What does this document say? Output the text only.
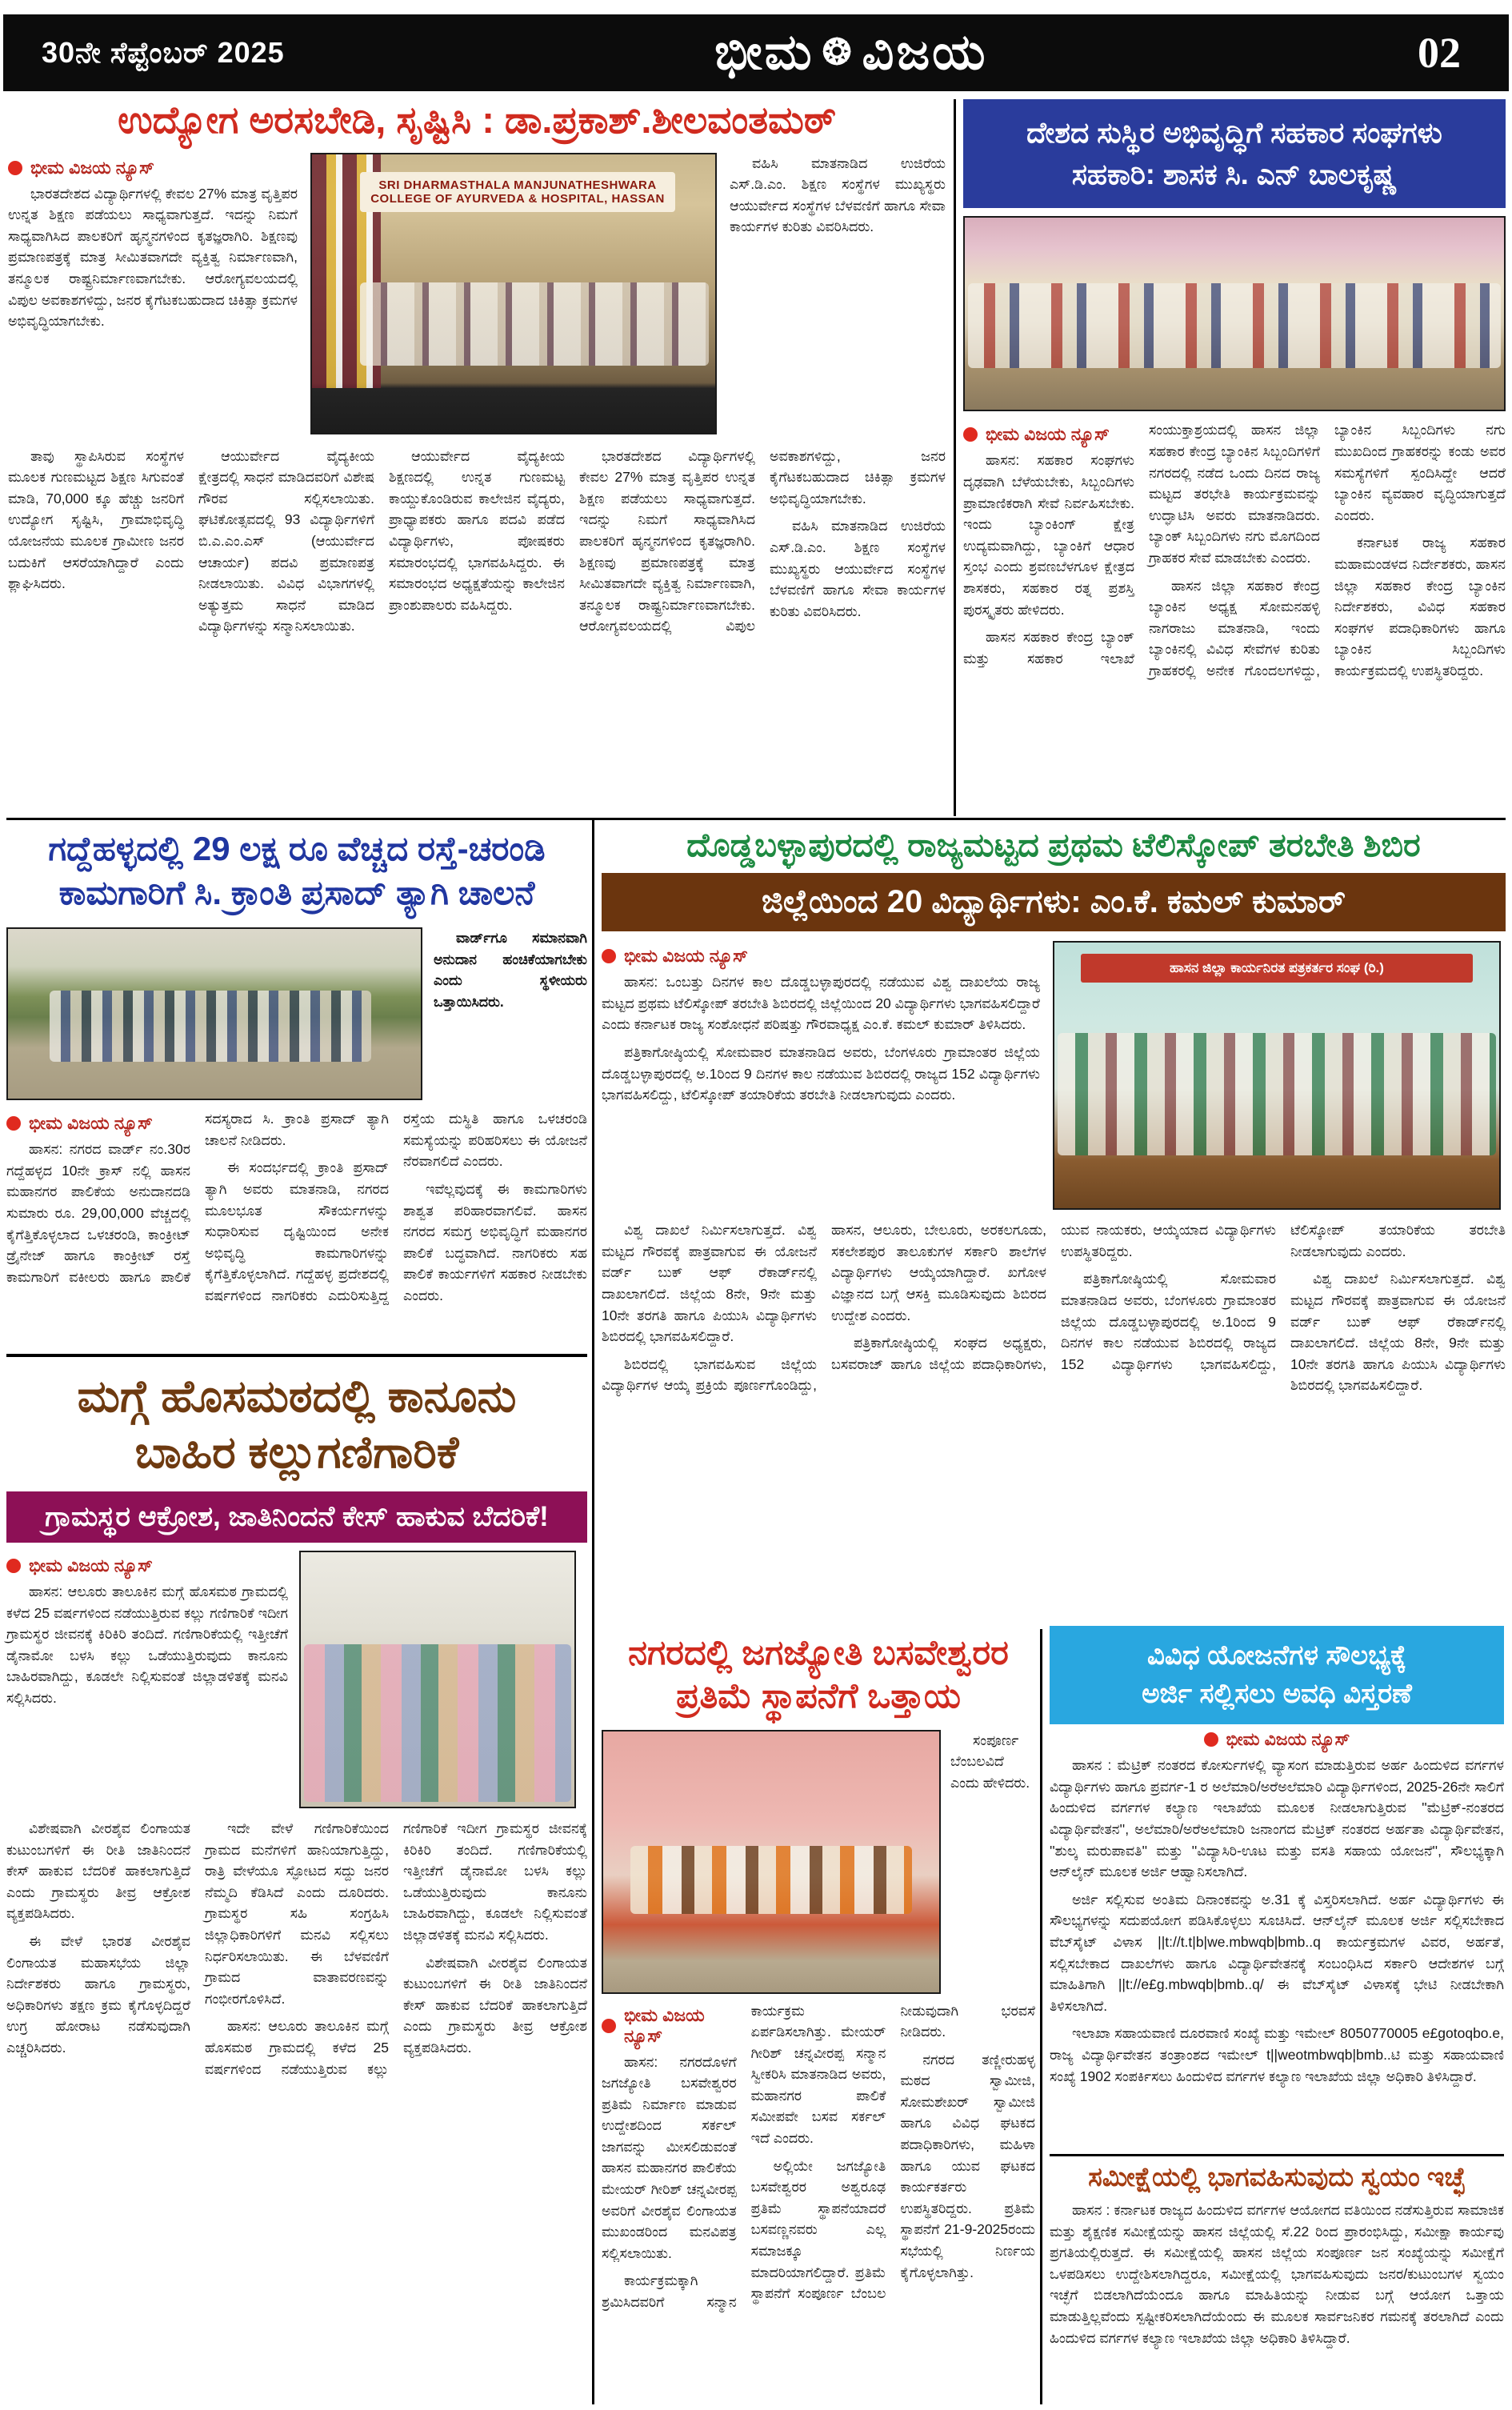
30ನೇ ಸೆಪ್ಟೆಂಬರ್ 2025	ಭೀಮ ❂ ವಿಜಯ	02
ಉದ್ಯೋಗ ಅರಸಬೇಡಿ, ಸೃಷ್ಟಿಸಿ : ಡಾ.ಪ್ರಕಾಶ್.ಶೀಲವಂತಮಠ್
ಭೀಮ ವಿಜಯ ನ್ಯೂಸ್

ಭಾರತದೇಶದ ವಿದ್ಯಾರ್ಥಿಗಳಲ್ಲಿ ಕೇವಲ 27% ಮಾತ್ರ ವೃತ್ತಿಪರ ಉನ್ನತ ಶಿಕ್ಷಣ ಪಡೆಯಲು ಸಾಧ್ಯವಾಗುತ್ತದೆ. ಇದನ್ನು ನಿಮಗೆ ಸಾಧ್ಯವಾಗಿಸಿದ ಪಾಲಕರಿಗೆ ಹೃನ್ಮನಗಳಿಂದ ಕೃತಜ್ಞರಾಗಿರಿ. ಶಿಕ್ಷಣವು ಪ್ರಮಾಣಪತ್ರಕ್ಕೆ ಮಾತ್ರ ಸೀಮಿತವಾಗದೇ ವ್ಯಕ್ತಿತ್ವ ನಿರ್ಮಾಣವಾಗಿ, ತನ್ಮೂಲಕ ರಾಷ್ಟ್ರನಿರ್ಮಾಣವಾಗಬೇಕು. ಆರೋಗ್ಯವಲಯದಲ್ಲಿ ವಿಪುಲ ಅವಕಾಶಗಳಿದ್ದು, ಜನರ ಕೈಗೆಟಕಬಹುದಾದ ಚಿಕಿತ್ಸಾ ಕ್ರಮಗಳ ಅಭಿವೃದ್ಧಿಯಾಗಬೇಕು.

SRI DHARMASTHALA MANJUNATHESHWARA
COLLEGE OF AYURVEDA & HOSPITAL, HASSAN

ವಹಿಸಿ ಮಾತನಾಡಿದ ಉಜಿರೆಯ ಎಸ್.ಡಿ.ಎಂ. ಶಿಕ್ಷಣ ಸಂಸ್ಥೆಗಳ ಮುಖ್ಯಸ್ಥರು ಆಯುರ್ವೇದ ಸಂಸ್ಥೆಗಳ ಬೆಳವಣಿಗೆ ಹಾಗೂ ಸೇವಾ ಕಾರ್ಯಗಳ ಕುರಿತು ವಿವರಿಸಿದರು.

ತಾವು ಸ್ಥಾಪಿಸಿರುವ ಸಂಸ್ಥೆಗಳ ಮೂಲಕ ಗುಣಮಟ್ಟದ ಶಿಕ್ಷಣ ಸಿಗುವಂತೆ ಮಾಡಿ, 70,000 ಕ್ಕೂ ಹೆಚ್ಚು ಜನರಿಗೆ ಉದ್ಯೋಗ ಸೃಷ್ಟಿಸಿ, ಗ್ರಾಮಾಭಿವೃದ್ಧಿ ಯೋಜನೆಯ ಮೂಲಕ ಗ್ರಾಮೀಣ ಜನರ ಬದುಕಿಗೆ ಆಸರೆಯಾಗಿದ್ದಾರೆ ಎಂದು ಶ್ಲಾಘಿಸಿದರು.

ಆಯುರ್ವೇದ ವೈದ್ಯಕೀಯ ಕ್ಷೇತ್ರದಲ್ಲಿ ಸಾಧನೆ ಮಾಡಿದವರಿಗೆ ವಿಶೇಷ ಗೌರವ ಸಲ್ಲಿಸಲಾಯಿತು. ಘಟಿಕೋತ್ಸವದಲ್ಲಿ 93 ವಿದ್ಯಾರ್ಥಿಗಳಿಗೆ ಬಿ.ಎ.ಎಂ.ಎಸ್ (ಆಯುರ್ವೇದ ಆಚಾರ್ಯ) ಪದವಿ ಪ್ರಮಾಣಪತ್ರ ನೀಡಲಾಯಿತು. ವಿವಿಧ ವಿಭಾಗಗಳಲ್ಲಿ ಅತ್ಯುತ್ತಮ ಸಾಧನೆ ಮಾಡಿದ ವಿದ್ಯಾರ್ಥಿಗಳನ್ನು ಸನ್ಮಾನಿಸಲಾಯಿತು.

ಆಯುರ್ವೇದ ವೈದ್ಯಕೀಯ ಶಿಕ್ಷಣದಲ್ಲಿ ಉನ್ನತ ಗುಣಮಟ್ಟ ಕಾಯ್ದುಕೊಂಡಿರುವ ಕಾಲೇಜಿನ ವೈದ್ಯರು, ಪ್ರಾಧ್ಯಾಪಕರು ಹಾಗೂ ಪದವಿ ಪಡೆದ ವಿದ್ಯಾರ್ಥಿಗಳು, ಪೋಷಕರು ಸಮಾರಂಭದಲ್ಲಿ ಭಾಗವಹಿಸಿದ್ದರು. ಈ ಸಮಾರಂಭದ ಅಧ್ಯಕ್ಷತೆಯನ್ನು ಕಾಲೇಜಿನ ಪ್ರಾಂಶುಪಾಲರು ವಹಿಸಿದ್ದರು.

ಭಾರತದೇಶದ ವಿದ್ಯಾರ್ಥಿಗಳಲ್ಲಿ ಕೇವಲ 27% ಮಾತ್ರ ವೃತ್ತಿಪರ ಉನ್ನತ ಶಿಕ್ಷಣ ಪಡೆಯಲು ಸಾಧ್ಯವಾಗುತ್ತದೆ. ಇದನ್ನು ನಿಮಗೆ ಸಾಧ್ಯವಾಗಿಸಿದ ಪಾಲಕರಿಗೆ ಹೃನ್ಮನಗಳಿಂದ ಕೃತಜ್ಞರಾಗಿರಿ. ಶಿಕ್ಷಣವು ಪ್ರಮಾಣಪತ್ರಕ್ಕೆ ಮಾತ್ರ ಸೀಮಿತವಾಗದೇ ವ್ಯಕ್ತಿತ್ವ ನಿರ್ಮಾಣವಾಗಿ, ತನ್ಮೂಲಕ ರಾಷ್ಟ್ರನಿರ್ಮಾಣವಾಗಬೇಕು. ಆರೋಗ್ಯವಲಯದಲ್ಲಿ ವಿಪುಲ ಅವಕಾಶಗಳಿದ್ದು, ಜನರ ಕೈಗೆಟಕಬಹುದಾದ ಚಿಕಿತ್ಸಾ ಕ್ರಮಗಳ ಅಭಿವೃದ್ಧಿಯಾಗಬೇಕು.

ವಹಿಸಿ ಮಾತನಾಡಿದ ಉಜಿರೆಯ ಎಸ್.ಡಿ.ಎಂ. ಶಿಕ್ಷಣ ಸಂಸ್ಥೆಗಳ ಮುಖ್ಯಸ್ಥರು ಆಯುರ್ವೇದ ಸಂಸ್ಥೆಗಳ ಬೆಳವಣಿಗೆ ಹಾಗೂ ಸೇವಾ ಕಾರ್ಯಗಳ ಕುರಿತು ವಿವರಿಸಿದರು.

ದೇಶದ ಸುಸ್ಥಿರ ಅಭಿವೃದ್ಧಿಗೆ ಸಹಕಾರ ಸಂಘಗಳು
ಸಹಕಾರಿ: ಶಾಸಕ ಸಿ. ಎನ್ ಬಾಲಕೃಷ್ಣ
ಭೀಮ ವಿಜಯ ನ್ಯೂಸ್

ಹಾಸನ: ಸಹಕಾರ ಸಂಘಗಳು ದೃಢವಾಗಿ ಬೆಳೆಯಬೇಕು, ಸಿಬ್ಬಂದಿಗಳು ಪ್ರಾಮಾಣಿಕರಾಗಿ ಸೇವೆ ನಿರ್ವಹಿಸಬೇಕು. ಇಂದು ಬ್ಯಾಂಕಿಂಗ್ ಕ್ಷೇತ್ರ ಉದ್ಯಮವಾಗಿದ್ದು, ಬ್ಯಾಂಕಿಗೆ ಆಧಾರ ಸ್ತಂಭ ಎಂದು ಶ್ರವಣಬೆಳಗೂಳ ಕ್ಷೇತ್ರದ ಶಾಸಕರು, ಸಹಕಾರ ರತ್ನ ಪ್ರಶಸ್ತಿ ಪುರಸ್ಕೃತರು ಹೇಳಿದರು.

ಹಾಸನ ಸಹಕಾರ ಕೇಂದ್ರ ಬ್ಯಾಂಕ್ ಮತ್ತು ಸಹಕಾರ ಇಲಾಖೆ ಸಂಯುಕ್ತಾಶ್ರಯದಲ್ಲಿ ಹಾಸನ ಜಿಲ್ಲಾ ಸಹಕಾರ ಕೇಂದ್ರ ಬ್ಯಾಂಕಿನ ಸಿಬ್ಬಂದಿಗಳಿಗೆ ನಗರದಲ್ಲಿ ನಡೆದ ಒಂದು ದಿನದ ರಾಜ್ಯ ಮಟ್ಟದ ತರಭೇತಿ ಕಾರ್ಯಕ್ರಮವನ್ನು ಉದ್ಘಾಟಿಸಿ ಅವರು ಮಾತನಾಡಿದರು. ಬ್ಯಾಂಕ್ ಸಿಬ್ಬಂದಿಗಳು ನಗು ಮೊಗದಿಂದ ಗ್ರಾಹಕರ ಸೇವೆ ಮಾಡಬೇಕು ಎಂದರು.

ಹಾಸನ ಜಿಲ್ಲಾ ಸಹಕಾರ ಕೇಂದ್ರ ಬ್ಯಾಂಕಿನ ಅಧ್ಯಕ್ಷ ಸೋಮನಹಳ್ಳಿ ನಾಗರಾಜು ಮಾತನಾಡಿ, ಇಂದು ಬ್ಯಾಂಕಿನಲ್ಲಿ ವಿವಿಧ ಸೇವೆಗಳ ಕುರಿತು ಗ್ರಾಹಕರಲ್ಲಿ ಅನೇಕ ಗೊಂದಲಗಳಿದ್ದು, ಬ್ಯಾಂಕಿನ ಸಿಬ್ಬಂದಿಗಳು ನಗು ಮುಖದಿಂದ ಗ್ರಾಹಕರನ್ನು ಕಂಡು ಅವರ ಸಮಸ್ಯೆಗಳಿಗೆ ಸ್ಪಂದಿಸಿದ್ದೇ ಆದರೆ ಬ್ಯಾಂಕಿನ ವ್ಯವಹಾರ ವೃದ್ಧಿಯಾಗುತ್ತದೆ ಎಂದರು.

ಕರ್ನಾಟಕ ರಾಜ್ಯ ಸಹಕಾರ ಮಹಾಮಂಡಳದ ನಿರ್ದೇಶಕರು, ಹಾಸನ ಜಿಲ್ಲಾ ಸಹಕಾರ ಕೇಂದ್ರ ಬ್ಯಾಂಕಿನ ನಿರ್ದೇಶಕರು, ವಿವಿಧ ಸಹಕಾರ ಸಂಘಗಳ ಪದಾಧಿಕಾರಿಗಳು ಹಾಗೂ ಬ್ಯಾಂಕಿನ ಸಿಬ್ಬಂದಿಗಳು ಕಾರ್ಯಕ್ರಮದಲ್ಲಿ ಉಪಸ್ಥಿತರಿದ್ದರು.

ಗದ್ದೆಹಳ್ಳದಲ್ಲಿ 29 ಲಕ್ಷ ರೂ ವೆಚ್ಚದ ರಸ್ತೆ-ಚರಂಡಿ
ಕಾಮಗಾರಿಗೆ ಸಿ. ಕ್ರಾಂತಿ ಪ್ರಸಾದ್ ತ್ಯಾಗಿ ಚಾಲನೆ

ವಾರ್ಡ್‌ಗೂ ಸಮಾನವಾಗಿ ಅನುದಾನ ಹಂಚಿಕೆಯಾಗಬೇಕು ಎಂದು ಸ್ಥಳೀಯರು ಒತ್ತಾಯಿಸಿದರು.

ಭೀಮ ವಿಜಯ ನ್ಯೂಸ್

ಹಾಸನ: ನಗರದ ವಾರ್ಡ್ ನಂ.30ರ ಗದ್ದೆಹಳ್ಳದ 10ನೇ ಕ್ರಾಸ್ ನಲ್ಲಿ ಹಾಸನ ಮಹಾನಗರ ಪಾಲಿಕೆಯ ಅನುದಾನದಡಿ ಸುಮಾರು ರೂ. 29,00,000 ವೆಚ್ಚದಲ್ಲಿ ಕೈಗೆತ್ತಿಕೊಳ್ಳಲಾದ ಒಳಚರಂಡಿ, ಕಾಂಕ್ರೀಟ್ ಡ್ರೈನೇಜ್ ಹಾಗೂ ಕಾಂಕ್ರೀಟ್ ರಸ್ತೆ ಕಾಮಗಾರಿಗೆ ವಕೀಲರು ಹಾಗೂ ಪಾಲಿಕೆ ಸದಸ್ಯರಾದ ಸಿ. ಕ್ರಾಂತಿ ಪ್ರಸಾದ್ ತ್ಯಾಗಿ ಚಾಲನೆ ನೀಡಿದರು.

ಈ ಸಂದರ್ಭದಲ್ಲಿ ಕ್ರಾಂತಿ ಪ್ರಸಾದ್ ತ್ಯಾಗಿ ಅವರು ಮಾತನಾಡಿ, ನಗರದ ಮೂಲಭೂತ ಸೌಕರ್ಯಗಳನ್ನು ಸುಧಾರಿಸುವ ದೃಷ್ಟಿಯಿಂದ ಅನೇಕ ಅಭಿವೃದ್ಧಿ ಕಾಮಗಾರಿಗಳನ್ನು ಕೈಗೆತ್ತಿಕೊಳ್ಳಲಾಗಿದೆ. ಗದ್ದೆಹಳ್ಳ ಪ್ರದೇಶದಲ್ಲಿ ವರ್ಷಗಳಿಂದ ನಾಗರಿಕರು ಎದುರಿಸುತ್ತಿದ್ದ ರಸ್ತೆಯ ದುಸ್ಥಿತಿ ಹಾಗೂ ಒಳಚರಂಡಿ ಸಮಸ್ಯೆಯನ್ನು ಪರಿಹರಿಸಲು ಈ ಯೋಜನೆ ನೆರವಾಗಲಿದೆ ಎಂದರು.

ಇವೆಲ್ಲವುದಕ್ಕೆ ಈ ಕಾಮಗಾರಿಗಳು ಶಾಶ್ವತ ಪರಿಹಾರವಾಗಲಿವೆ. ಹಾಸನ ನಗರದ ಸಮಗ್ರ ಅಭಿವೃದ್ಧಿಗೆ ಮಹಾನಗರ ಪಾಲಿಕೆ ಬದ್ಧವಾಗಿದೆ. ನಾಗರಿಕರು ಸಹ ಪಾಲಿಕೆ ಕಾರ್ಯಗಳಿಗೆ ಸಹಕಾರ ನೀಡಬೇಕು ಎಂದರು.

ಮಗ್ಗೆ ಹೊಸಮಠದಲ್ಲಿ ಕಾನೂನು
ಬಾಹಿರ ಕಲ್ಲುಗಣಿಗಾರಿಕೆ
ಗ್ರಾಮಸ್ಥರ ಆಕ್ರೋಶ, ಜಾತಿನಿಂದನೆ ಕೇಸ್ ಹಾಕುವ ಬೆದರಿಕೆ!
ಭೀಮ ವಿಜಯ ನ್ಯೂಸ್

ಹಾಸನ: ಆಲೂರು ತಾಲೂಕಿನ ಮಗ್ಗೆ ಹೊಸಮಠ ಗ್ರಾಮದಲ್ಲಿ ಕಳೆದ 25 ವರ್ಷಗಳಿಂದ ನಡೆಯುತ್ತಿರುವ ಕಲ್ಲು ಗಣಿಗಾರಿಕೆ ಇದೀಗ ಗ್ರಾಮಸ್ಥರ ಜೀವನಕ್ಕೆ ಕಿರಿಕಿರಿ ತಂದಿದೆ. ಗಣಿಗಾರಿಕೆಯಲ್ಲಿ ಇತ್ತೀಚೆಗೆ ಡೈನಾಮೋ ಬಳಸಿ ಕಲ್ಲು ಒಡೆಯುತ್ತಿರುವುದು ಕಾನೂನು ಬಾಹಿರವಾಗಿದ್ದು, ಕೂಡಲೇ ನಿಲ್ಲಿಸುವಂತೆ ಜಿಲ್ಲಾಡಳಿತಕ್ಕೆ ಮನವಿ ಸಲ್ಲಿಸಿದರು.

ವಿಶೇಷವಾಗಿ ವೀರಶೈವ ಲಿಂಗಾಯತ ಕುಟುಂಬಗಳಿಗೆ ಈ ರೀತಿ ಜಾತಿನಿಂದನೆ ಕೇಸ್ ಹಾಕುವ ಬೆದರಿಕೆ ಹಾಕಲಾಗುತ್ತಿದೆ ಎಂದು ಗ್ರಾಮಸ್ಥರು ತೀವ್ರ ಆಕ್ರೋಶ ವ್ಯಕ್ತಪಡಿಸಿದರು.

ಈ ವೇಳೆ ಭಾರತ ವೀರಶೈವ ಲಿಂಗಾಯತ ಮಹಾಸಭೆಯ ಜಿಲ್ಲಾ ನಿರ್ದೇಶಕರು ಹಾಗೂ ಗ್ರಾಮಸ್ಥರು, ಅಧಿಕಾರಿಗಳು ತಕ್ಷಣ ಕ್ರಮ ಕೈಗೊಳ್ಳದಿದ್ದರೆ ಉಗ್ರ ಹೋರಾಟ ನಡೆಸುವುದಾಗಿ ಎಚ್ಚರಿಸಿದರು.

ಇದೇ ವೇಳೆ ಗಣಿಗಾರಿಕೆಯಿಂದ ಗ್ರಾಮದ ಮನೆಗಳಿಗೆ ಹಾನಿಯಾಗುತ್ತಿದ್ದು, ರಾತ್ರಿ ವೇಳೆಯೂ ಸ್ಫೋಟದ ಸದ್ದು ಜನರ ನೆಮ್ಮದಿ ಕೆಡಿಸಿದೆ ಎಂದು ದೂರಿದರು. ಗ್ರಾಮಸ್ಥರ ಸಹಿ ಸಂಗ್ರಹಿಸಿ ಜಿಲ್ಲಾಧಿಕಾರಿಗಳಿಗೆ ಮನವಿ ಸಲ್ಲಿಸಲು ನಿರ್ಧರಿಸಲಾಯಿತು. ಈ ಬೆಳವಣಿಗೆ ಗ್ರಾಮದ ವಾತಾವರಣವನ್ನು ಗಂಭೀರಗೊಳಿಸಿದೆ.

ಹಾಸನ: ಆಲೂರು ತಾಲೂಕಿನ ಮಗ್ಗೆ ಹೊಸಮಠ ಗ್ರಾಮದಲ್ಲಿ ಕಳೆದ 25 ವರ್ಷಗಳಿಂದ ನಡೆಯುತ್ತಿರುವ ಕಲ್ಲು ಗಣಿಗಾರಿಕೆ ಇದೀಗ ಗ್ರಾಮಸ್ಥರ ಜೀವನಕ್ಕೆ ಕಿರಿಕಿರಿ ತಂದಿದೆ. ಗಣಿಗಾರಿಕೆಯಲ್ಲಿ ಇತ್ತೀಚೆಗೆ ಡೈನಾಮೋ ಬಳಸಿ ಕಲ್ಲು ಒಡೆಯುತ್ತಿರುವುದು ಕಾನೂನು ಬಾಹಿರವಾಗಿದ್ದು, ಕೂಡಲೇ ನಿಲ್ಲಿಸುವಂತೆ ಜಿಲ್ಲಾಡಳಿತಕ್ಕೆ ಮನವಿ ಸಲ್ಲಿಸಿದರು.

ವಿಶೇಷವಾಗಿ ವೀರಶೈವ ಲಿಂಗಾಯತ ಕುಟುಂಬಗಳಿಗೆ ಈ ರೀತಿ ಜಾತಿನಿಂದನೆ ಕೇಸ್ ಹಾಕುವ ಬೆದರಿಕೆ ಹಾಕಲಾಗುತ್ತಿದೆ ಎಂದು ಗ್ರಾಮಸ್ಥರು ತೀವ್ರ ಆಕ್ರೋಶ ವ್ಯಕ್ತಪಡಿಸಿದರು.

ದೊಡ್ಡಬಳ್ಳಾಪುರದಲ್ಲಿ ರಾಜ್ಯಮಟ್ಟದ ಪ್ರಥಮ ಟೆಲಿಸ್ಕೋಪ್ ತರಬೇತಿ ಶಿಬಿರ
ಜಿಲ್ಲೆಯಿಂದ 20 ವಿದ್ಯಾರ್ಥಿಗಳು: ಎಂ.ಕೆ. ಕಮಲ್ ಕುಮಾರ್
ಭೀಮ ವಿಜಯ ನ್ಯೂಸ್

ಹಾಸನ: ಒಂಬತ್ತು ದಿನಗಳ ಕಾಲ ದೊಡ್ಡಬಳ್ಳಾಪುರದಲ್ಲಿ ನಡೆಯುವ ವಿಶ್ವ ದಾಖಲೆಯ ರಾಜ್ಯ ಮಟ್ಟದ ಪ್ರಥಮ ಟೆಲಿಸ್ಕೋಪ್ ತರಬೇತಿ ಶಿಬಿರದಲ್ಲಿ ಜಿಲ್ಲೆಯಿಂದ 20 ವಿದ್ಯಾರ್ಥಿಗಳು ಭಾಗವಹಿಸಲಿದ್ದಾರೆ ಎಂದು ಕರ್ನಾಟಕ ರಾಜ್ಯ ಸಂಶೋಧನೆ ಪರಿಷತ್ತು ಗೌರವಾಧ್ಯಕ್ಷ ಎಂ.ಕೆ. ಕಮಲ್ ಕುಮಾರ್ ತಿಳಿಸಿದರು.

ಪತ್ರಿಕಾಗೋಷ್ಠಿಯಲ್ಲಿ ಸೋಮವಾರ ಮಾತನಾಡಿದ ಅವರು, ಬೆಂಗಳೂರು ಗ್ರಾಮಾಂತರ ಜಿಲ್ಲೆಯ ದೊಡ್ಡಬಳ್ಳಾಪುರದಲ್ಲಿ ಅ.1ರಿಂದ 9 ದಿನಗಳ ಕಾಲ ನಡೆಯುವ ಶಿಬಿರದಲ್ಲಿ ರಾಜ್ಯದ 152 ವಿದ್ಯಾರ್ಥಿಗಳು ಭಾಗವಹಿಸಲಿದ್ದು, ಟೆಲಿಸ್ಕೋಪ್ ತಯಾರಿಕೆಯ ತರಬೇತಿ ನೀಡಲಾಗುವುದು ಎಂದರು.

ಹಾಸನ ಜಿಲ್ಲಾ ಕಾರ್ಯನಿರತ ಪತ್ರಕರ್ತರ ಸಂಘ (ರಿ.)

ವಿಶ್ವ ದಾಖಲೆ ನಿರ್ಮಿಸಲಾಗುತ್ತದೆ. ವಿಶ್ವ ಮಟ್ಟದ ಗೌರವಕ್ಕೆ ಪಾತ್ರವಾಗುವ ಈ ಯೋಜನೆ ವರ್ಡ್ ಬುಕ್ ಆಫ್ ರೆಕಾರ್ಡ್‌ನಲ್ಲಿ ದಾಖಲಾಗಲಿದೆ. ಜಿಲ್ಲೆಯ 8ನೇ, 9ನೇ ಮತ್ತು 10ನೇ ತರಗತಿ ಹಾಗೂ ಪಿಯುಸಿ ವಿದ್ಯಾರ್ಥಿಗಳು ಶಿಬಿರದಲ್ಲಿ ಭಾಗವಹಿಸಲಿದ್ದಾರೆ.

ಶಿಬಿರದಲ್ಲಿ ಭಾಗವಹಿಸುವ ಜಿಲ್ಲೆಯ ವಿದ್ಯಾರ್ಥಿಗಳ ಆಯ್ಕೆ ಪ್ರಕ್ರಿಯೆ ಪೂರ್ಣಗೊಂಡಿದ್ದು, ಹಾಸನ, ಆಲೂರು, ಬೇಲೂರು, ಅರಕಲಗೂಡು, ಸಕಲೇಶಪುರ ತಾಲೂಕುಗಳ ಸರ್ಕಾರಿ ಶಾಲೆಗಳ ವಿದ್ಯಾರ್ಥಿಗಳು ಆಯ್ಕೆಯಾಗಿದ್ದಾರೆ. ಖಗೋಳ ವಿಜ್ಞಾನದ ಬಗ್ಗೆ ಆಸಕ್ತಿ ಮೂಡಿಸುವುದು ಶಿಬಿರದ ಉದ್ದೇಶ ಎಂದರು.

ಪತ್ರಿಕಾಗೋಷ್ಠಿಯಲ್ಲಿ ಸಂಘದ ಅಧ್ಯಕ್ಷರು, ಬಸವರಾಜ್ ಹಾಗೂ ಜಿಲ್ಲೆಯ ಪದಾಧಿಕಾರಿಗಳು, ಯುವ ನಾಯಕರು, ಆಯ್ಕೆಯಾದ ವಿದ್ಯಾರ್ಥಿಗಳು ಉಪಸ್ಥಿತರಿದ್ದರು.

ಪತ್ರಿಕಾಗೋಷ್ಠಿಯಲ್ಲಿ ಸೋಮವಾರ ಮಾತನಾಡಿದ ಅವರು, ಬೆಂಗಳೂರು ಗ್ರಾಮಾಂತರ ಜಿಲ್ಲೆಯ ದೊಡ್ಡಬಳ್ಳಾಪುರದಲ್ಲಿ ಅ.1ರಿಂದ 9 ದಿನಗಳ ಕಾಲ ನಡೆಯುವ ಶಿಬಿರದಲ್ಲಿ ರಾಜ್ಯದ 152 ವಿದ್ಯಾರ್ಥಿಗಳು ಭಾಗವಹಿಸಲಿದ್ದು, ಟೆಲಿಸ್ಕೋಪ್ ತಯಾರಿಕೆಯ ತರಬೇತಿ ನೀಡಲಾಗುವುದು ಎಂದರು.

ವಿಶ್ವ ದಾಖಲೆ ನಿರ್ಮಿಸಲಾಗುತ್ತದೆ. ವಿಶ್ವ ಮಟ್ಟದ ಗೌರವಕ್ಕೆ ಪಾತ್ರವಾಗುವ ಈ ಯೋಜನೆ ವರ್ಡ್ ಬುಕ್ ಆಫ್ ರೆಕಾರ್ಡ್‌ನಲ್ಲಿ ದಾಖಲಾಗಲಿದೆ. ಜಿಲ್ಲೆಯ 8ನೇ, 9ನೇ ಮತ್ತು 10ನೇ ತರಗತಿ ಹಾಗೂ ಪಿಯುಸಿ ವಿದ್ಯಾರ್ಥಿಗಳು ಶಿಬಿರದಲ್ಲಿ ಭಾಗವಹಿಸಲಿದ್ದಾರೆ.

ನಗರದಲ್ಲಿ ಜಗಜ್ಯೋತಿ ಬಸವೇಶ್ವರರ
ಪ್ರತಿಮೆ ಸ್ಥಾಪನೆಗೆ ಒತ್ತಾಯ

ಸಂಪೂರ್ಣ ಬೆಂಬಲವಿದೆ ಎಂದು ಹೇಳಿದರು.

ಭೀಮ ವಿಜಯ ನ್ಯೂಸ್

ಹಾಸನ: ನಗರದೊಳಗೆ ಜಗಜ್ಯೋತಿ ಬಸವೇಶ್ವರರ ಪ್ರತಿಮೆ ನಿರ್ಮಾಣ ಮಾಡುವ ಉದ್ದೇಶದಿಂದ ಸರ್ಕಲ್ ಜಾಗವನ್ನು ಮೀಸಲಿಡುವಂತೆ ಹಾಸನ ಮಹಾನಗರ ಪಾಲಿಕೆಯ ಮೇಯರ್ ಗೀರಿಶ್ ಚನ್ನವೀರಪ್ಪ ಅವರಿಗೆ ವೀರಶೈವ ಲಿಂಗಾಯತ ಮುಖಂಡರಿಂದ ಮನವಿಪತ್ರ ಸಲ್ಲಿಸಲಾಯಿತು.

ಕಾರ್ಯಕ್ರಮಕ್ಕಾಗಿ ಶ್ರಮಿಸಿದವರಿಗೆ ಸನ್ಮಾನ ಕಾರ್ಯಕ್ರಮ ಏರ್ಪಡಿಸಲಾಗಿತ್ತು. ಮೇಯರ್ ಗೀರಿಶ್ ಚನ್ನವೀರಪ್ಪ ಸನ್ಮಾನ ಸ್ವೀಕರಿಸಿ ಮಾತನಾಡಿದ ಅವರು, ಮಹಾನಗರ ಪಾಲಿಕೆ ಸಮೀಪವೇ ಬಸವ ಸರ್ಕಲ್ ಇದೆ ಎಂದರು.

ಅಲ್ಲಿಯೇ ಜಗಜ್ಯೋತಿ ಬಸವೇಶ್ವರರ ಅಶ್ವರೂಢ ಪ್ರತಿಮೆ ಸ್ಥಾಪನೆಯಾದರೆ ಬಸವಣ್ಣನವರು ಎಲ್ಲ ಸಮಾಜಕ್ಕೂ ಮಾದರಿಯಾಗಲಿದ್ದಾರೆ. ಪ್ರತಿಮೆ ಸ್ಥಾಪನೆಗೆ ಸಂಪೂರ್ಣ ಬೆಂಬಲ ನೀಡುವುದಾಗಿ ಭರವಸೆ ನೀಡಿದರು.

ನಗರದ ತಣ್ಣೀರುಹಳ್ಳ ಮಠದ ಸ್ವಾಮೀಜಿ, ಸೋಮಶೇಖರ್ ಸ್ವಾಮೀಜಿ ಹಾಗೂ ವಿವಿಧ ಘಟಕದ ಪದಾಧಿಕಾರಿಗಳು, ಮಹಿಳಾ ಹಾಗೂ ಯುವ ಘಟಕದ ಕಾರ್ಯಕರ್ತರು ಉಪಸ್ಥಿತರಿದ್ದರು. ಪ್ರತಿಮೆ ಸ್ಥಾಪನೆಗೆ 21-9-2025ರಂದು ಸಭೆಯಲ್ಲಿ ನಿರ್ಣಯ ಕೈಗೊಳ್ಳಲಾಗಿತ್ತು.

ವಿವಿಧ ಯೋಜನೆಗಳ ಸೌಲಭ್ಯಕ್ಕೆ
ಅರ್ಜಿ ಸಲ್ಲಿಸಲು ಅವಧಿ ವಿಸ್ತರಣೆ
ಭೀಮ ವಿಜಯ ನ್ಯೂಸ್

ಹಾಸನ : ಮೆಟ್ರಿಕ್ ನಂತರದ ಕೋರ್ಸುಗಳಲ್ಲಿ ವ್ಯಾಸಂಗ ಮಾಡುತ್ತಿರುವ ಅರ್ಹ ಹಿಂದುಳಿದ ವರ್ಗಗಳ ವಿದ್ಯಾರ್ಥಿಗಳು ಹಾಗೂ ಪ್ರವರ್ಗ-1 ರ ಅಲೆಮಾರಿ/ಅರೆಅಲೆಮಾರಿ ವಿದ್ಯಾರ್ಥಿಗಳಿಂದ, 2025-26ನೇ ಸಾಲಿಗೆ ಹಿಂದುಳಿದ ವರ್ಗಗಳ ಕಲ್ಯಾಣ ಇಲಾಖೆಯ ಮೂಲಕ ನೀಡಲಾಗುತ್ತಿರುವ ''ಮೆಟ್ರಿಕ್-ನಂತರದ ವಿದ್ಯಾರ್ಥಿವೇತನ'', ಅಲೆಮಾರಿ/ಅರೆಅಲೆಮಾರಿ ಜನಾಂಗದ ಮೆಟ್ರಿಕ್ ನಂತರದ ಅರ್ಹತಾ ವಿದ್ಯಾರ್ಥಿವೇತನ, ''ಶುಲ್ಕ ಮರುಪಾವತಿ'' ಮತ್ತು ''ವಿದ್ಯಾಸಿರಿ-ಊಟ ಮತ್ತು ವಸತಿ ಸಹಾಯ ಯೋಜನೆ'', ಸೌಲಭ್ಯಕ್ಕಾಗಿ ಆನ್‌ಲೈನ್ ಮೂಲಕ ಅರ್ಜಿ ಆಹ್ವಾನಿಸಲಾಗಿದೆ.

ಅರ್ಜಿ ಸಲ್ಲಿಸುವ ಅಂತಿಮ ದಿನಾಂಕವನ್ನು ಅ.31 ಕ್ಕೆ ವಿಸ್ತರಿಸಲಾಗಿದೆ. ಅರ್ಹ ವಿದ್ಯಾರ್ಥಿಗಳು ಈ ಸೌಲಭ್ಯಗಳನ್ನು ಸದುಪಯೋಗ ಪಡಿಸಿಕೊಳ್ಳಲು ಸೂಚಿಸಿದೆ. ಆನ್‌ಲೈನ್ ಮೂಲಕ ಅರ್ಜಿ ಸಲ್ಲಿಸಬೇಕಾದ ವೆಬ್‌ಸೈಟ್ ವಿಳಾಸ ||t://t.t|b|we.mbwqb|bmb..q ಕಾರ್ಯಕ್ರಮಗಳ ವಿವರ, ಅರ್ಹತೆ, ಸಲ್ಲಿಸಬೇಕಾದ ದಾಖಲೆಗಳು ಹಾಗೂ ವಿದ್ಯಾರ್ಥಿವೇತನಕ್ಕೆ ಸಂಬಂಧಿಸಿದ ಸರ್ಕಾರಿ ಆದೇಶಗಳ ಬಗ್ಗೆ ಮಾಹಿತಿಗಾಗಿ ||t://e£g.mbwqb|bmb..q/ ಈ ವೆಬ್‌ಸೈಟ್ ವಿಳಾಸಕ್ಕೆ ಭೇಟಿ ನೀಡಬೇಕಾಗಿ ತಿಳಿಸಲಾಗಿದೆ.

ಇಲಾಖಾ ಸಹಾಯವಾಣಿ ದೂರವಾಣಿ ಸಂಖ್ಯೆ ಮತ್ತು ಇಮೇಲ್ 8050770005 e£gotoqbo.e, ರಾಜ್ಯ ವಿದ್ಯಾರ್ಥಿವೇತನ ತಂತ್ರಾಂಶದ ಇಮೇಲ್ t||weotmbwqb|bmb..ಟಿ ಮತ್ತು ಸಹಾಯವಾಣಿ ಸಂಖ್ಯೆ 1902 ಸಂಪರ್ಕಿಸಲು ಹಿಂದುಳಿದ ವರ್ಗಗಳ ಕಲ್ಯಾಣ ಇಲಾಖೆಯ ಜಿಲ್ಲಾ ಅಧಿಕಾರಿ ತಿಳಿಸಿದ್ದಾರೆ.

ಸಮೀಕ್ಷೆಯಲ್ಲಿ ಭಾಗವಹಿಸುವುದು ಸ್ವಯಂ ಇಚ್ಛೆ

ಹಾಸನ : ಕರ್ನಾಟಕ ರಾಜ್ಯದ ಹಿಂದುಳಿದ ವರ್ಗಗಳ ಆಯೋಗದ ವತಿಯಿಂದ ನಡೆಸುತ್ತಿರುವ ಸಾಮಾಜಿಕ ಮತ್ತು ಶೈಕ್ಷಣಿಕ ಸಮೀಕ್ಷೆಯನ್ನು ಹಾಸನ ಜಿಲ್ಲೆಯಲ್ಲಿ ಸೆ.22 ರಿಂದ ಪ್ರಾರಂಭಿಸಿದ್ದು, ಸಮೀಕ್ಷಾ ಕಾರ್ಯವು ಪ್ರಗತಿಯಲ್ಲಿರುತ್ತದೆ. ಈ ಸಮೀಕ್ಷೆಯಲ್ಲಿ ಹಾಸನ ಜಿಲ್ಲೆಯ ಸಂಪೂರ್ಣ ಜನ ಸಂಖ್ಯೆಯನ್ನು ಸಮೀಕ್ಷೆಗೆ ಒಳಪಡಿಸಲು ಉದ್ದೇಶಿಸಲಾಗಿದ್ದರೂ, ಸಮೀಕ್ಷೆಯಲ್ಲಿ ಭಾಗವಹಿಸುವುದು ಜನರ/ಕುಟುಂಬಗಳ ಸ್ವಯಂ ಇಚ್ಛೆಗೆ ಬಿಡಲಾಗಿದೆಯೆಂದೂ ಹಾಗೂ ಮಾಹಿತಿಯನ್ನು ನೀಡುವ ಬಗ್ಗೆ ಆಯೋಗ ಒತ್ತಾಯ ಮಾಡುತ್ತಿಲ್ಲವೆಂದು ಸ್ಪಷ್ಟೀಕರಿಸಲಾಗಿದೆಯೆಂದು ಈ ಮೂಲಕ ಸಾರ್ವಜನಿಕರ ಗಮನಕ್ಕೆ ತರಲಾಗಿದೆ ಎಂದು ಹಿಂದುಳಿದ ವರ್ಗಗಳ ಕಲ್ಯಾಣ ಇಲಾಖೆಯ ಜಿಲ್ಲಾ ಅಧಿಕಾರಿ ತಿಳಿಸಿದ್ದಾರೆ.
